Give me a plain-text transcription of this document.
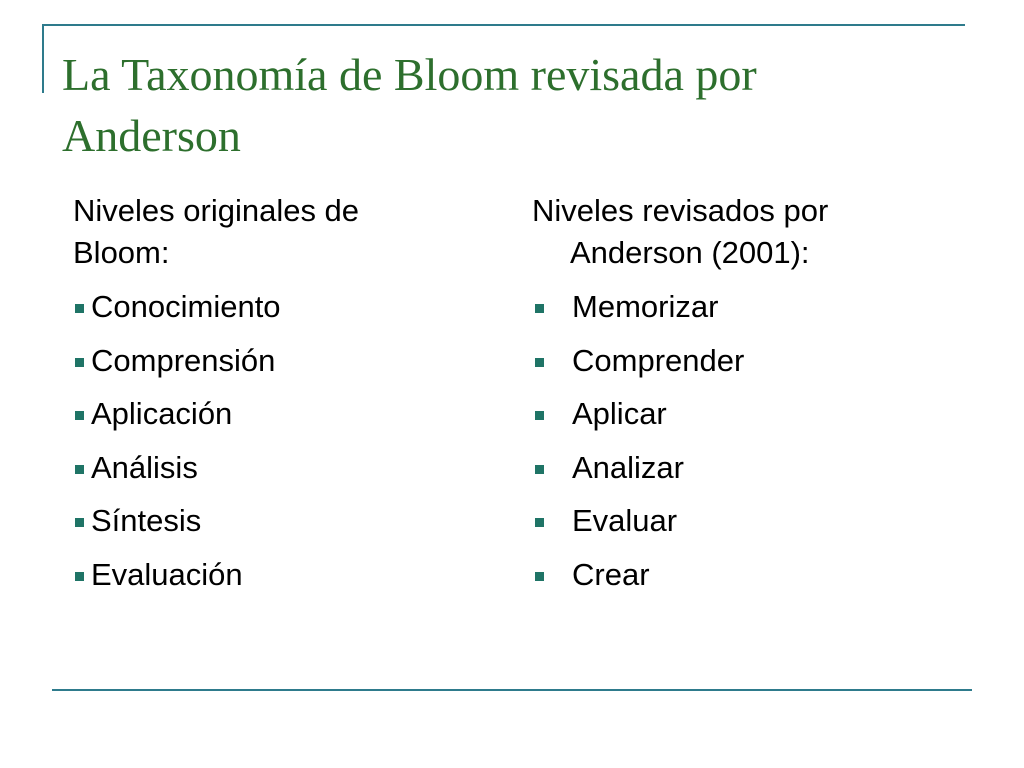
La Taxonomía de Bloom revisada por Anderson

Niveles originales de Bloom:

Conocimiento
Comprensión
Aplicación
Análisis
Síntesis
Evaluación

Niveles revisados por Anderson (2001):

Memorizar
Comprender
Aplicar
Analizar
Evaluar
Crear
